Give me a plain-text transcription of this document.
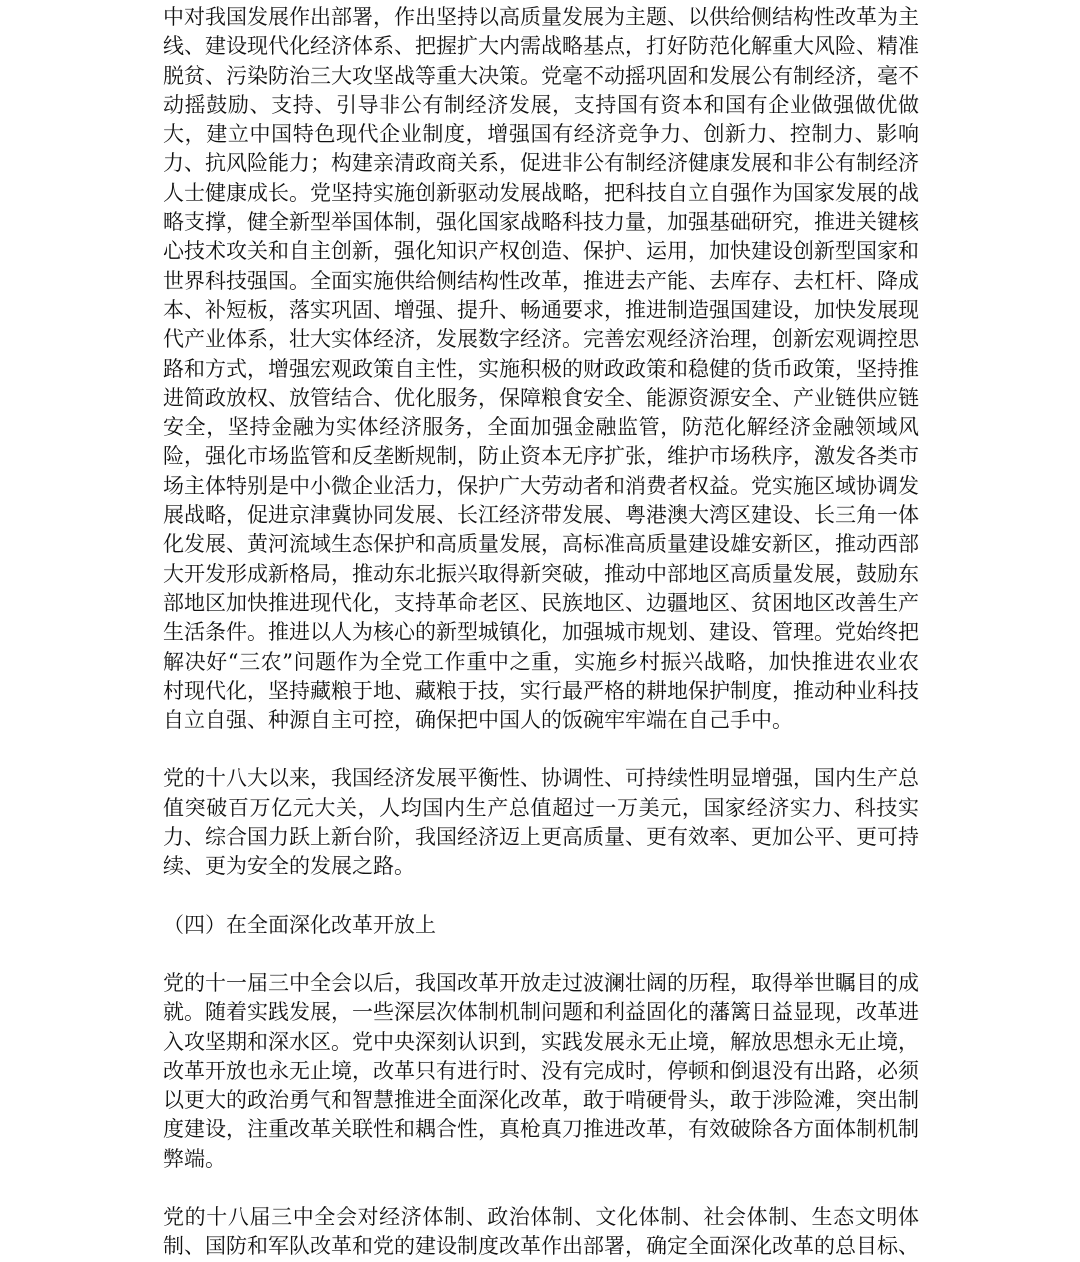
中对我国发展作出部署，作出坚持以高质量发展为主题、以供给侧结构性改革为主线、建设现代化经济体系、把握扩大内需战略基点，打好防范化解重大风险、精准脱贫、污染防治三大攻坚战等重大决策。党毫不动摇巩固和发展公有制经济，毫不动摇鼓励、支持、引导非公有制经济发展，支持国有资本和国有企业做强做优做大，建立中国特色现代企业制度，增强国有经济竞争力、创新力、控制力、影响力、抗风险能力；构建亲清政商关系，促进非公有制经济健康发展和非公有制经济人士健康成长。党坚持实施创新驱动发展战略，把科技自立自强作为国家发展的战略支撑，健全新型举国体制，强化国家战略科技力量，加强基础研究，推进关键核心技术攻关和自主创新，强化知识产权创造、保护、运用，加快建设创新型国家和世界科技强国。全面实施供给侧结构性改革，推进去产能、去库存、去杠杆、降成本、补短板，落实巩固、增强、提升、畅通要求，推进制造强国建设，加快发展现代产业体系，壮大实体经济，发展数字经济。完善宏观经济治理，创新宏观调控思路和方式，增强宏观政策自主性，实施积极的财政政策和稳健的货币政策，坚持推进简政放权、放管结合、优化服务，保障粮食安全、能源资源安全、产业链供应链安全，坚持金融为实体经济服务，全面加强金融监管，防范化解经济金融领域风险，强化市场监管和反垄断规制，防止资本无序扩张，维护市场秩序，激发各类市场主体特别是中小微企业活力，保护广大劳动者和消费者权益。党实施区域协调发展战略，促进京津冀协同发展、长江经济带发展、粤港澳大湾区建设、长三角一体化发展、黄河流域生态保护和高质量发展，高标准高质量建设雄安新区，推动西部大开发形成新格局，推动东北振兴取得新突破，推动中部地区高质量发展，鼓励东部地区加快推进现代化，支持革命老区、民族地区、边疆地区、贫困地区改善生产生活条件。推进以人为核心的新型城镇化，加强城市规划、建设、管理。党始终把解决好“三农”问题作为全党工作重中之重，实施乡村振兴战略，加快推进农业农村现代化，坚持藏粮于地、藏粮于技，实行最严格的耕地保护制度，推动种业科技自立自强、种源自主可控，确保把中国人的饭碗牢牢端在自己手中。

党的十八大以来，我国经济发展平衡性、协调性、可持续性明显增强，国内生产总值突破百万亿元大关，人均国内生产总值超过一万美元，国家经济实力、科技实力、综合国力跃上新台阶，我国经济迈上更高质量、更有效率、更加公平、更可持续、更为安全的发展之路。

（四）在全面深化改革开放上

党的十一届三中全会以后，我国改革开放走过波澜壮阔的历程，取得举世瞩目的成就。随着实践发展，一些深层次体制机制问题和利益固化的藩篱日益显现，改革进入攻坚期和深水区。党中央深刻认识到，实践发展永无止境，解放思想永无止境，改革开放也永无止境，改革只有进行时、没有完成时，停顿和倒退没有出路，必须以更大的政治勇气和智慧推进全面深化改革，敢于啃硬骨头，敢于涉险滩，突出制度建设，注重改革关联性和耦合性，真枪真刀推进改革，有效破除各方面体制机制弊端。

党的十八届三中全会对经济体制、政治体制、文化体制、社会体制、生态文明体制、国防和军队改革和党的建设制度改革作出部署，确定全面深化改革的总目标、
